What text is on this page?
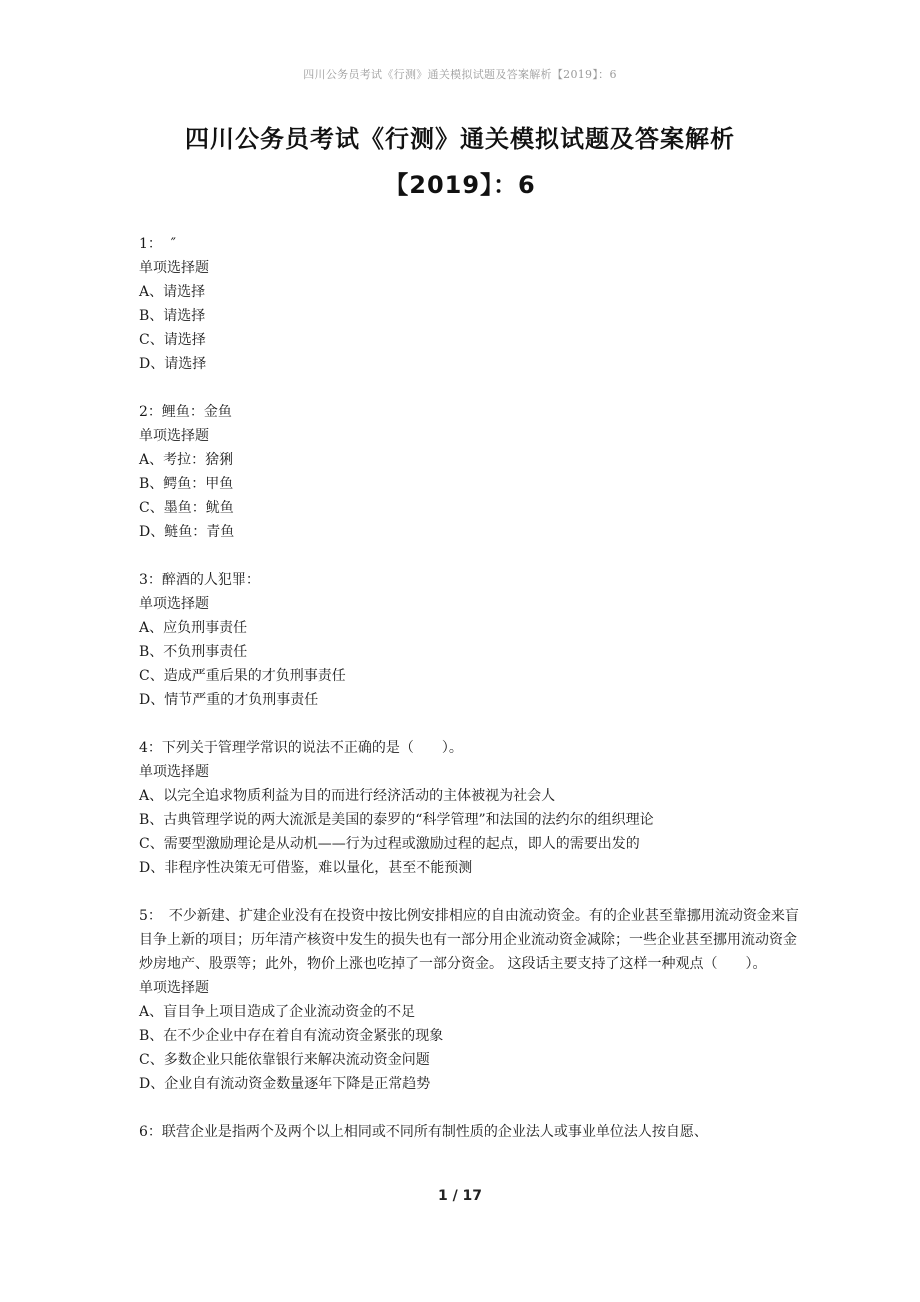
四川公务员考试《行测》通关模拟试题及答案解析【2019】：6
四川公务员考试《行测》通关模拟试题及答案解析
【2019】：6
1：  ″
单项选择题
A、请选择
B、请选择
C、请选择
D、请选择
2：鲤鱼：金鱼
单项选择题
A、考拉：猞猁
B、鳄鱼：甲鱼
C、墨鱼：鱿鱼
D、鲢鱼：青鱼
3：醉酒的人犯罪：
单项选择题
A、应负刑事责任
B、不负刑事责任
C、造成严重后果的才负刑事责任
D、情节严重的才负刑事责任
4：下列关于管理学常识的说法不正确的是（　　）。
单项选择题
A、以完全追求物质利益为目的而进行经济活动的主体被视为社会人
B、古典管理学说的两大流派是美国的泰罗的“科学管理”和法国的法约尔的组织理论
C、需要型激励理论是从动机——行为过程或激励过程的起点，即人的需要出发的
D、非程序性决策无可借鉴，难以量化，甚至不能预测
5：　不少新建、扩建企业没有在投资中按比例安排相应的自由流动资金。有的企业甚至靠挪用流动资金来盲目争上新的项目；历年清产核资中发生的损失也有一部分用企业流动资金减除；一些企业甚至挪用流动资金炒房地产、股票等；此外，物价上涨也吃掉了一部分资金。 这段话主要支持了这样一种观点（　　）。
单项选择题
A、盲目争上项目造成了企业流动资金的不足
B、在不少企业中存在着自有流动资金紧张的现象
C、多数企业只能依靠银行来解决流动资金问题
D、企业自有流动资金数量逐年下降是正常趋势
6：联营企业是指两个及两个以上相同或不同所有制性质的企业法人或事业单位法人按自愿、
1 / 17
